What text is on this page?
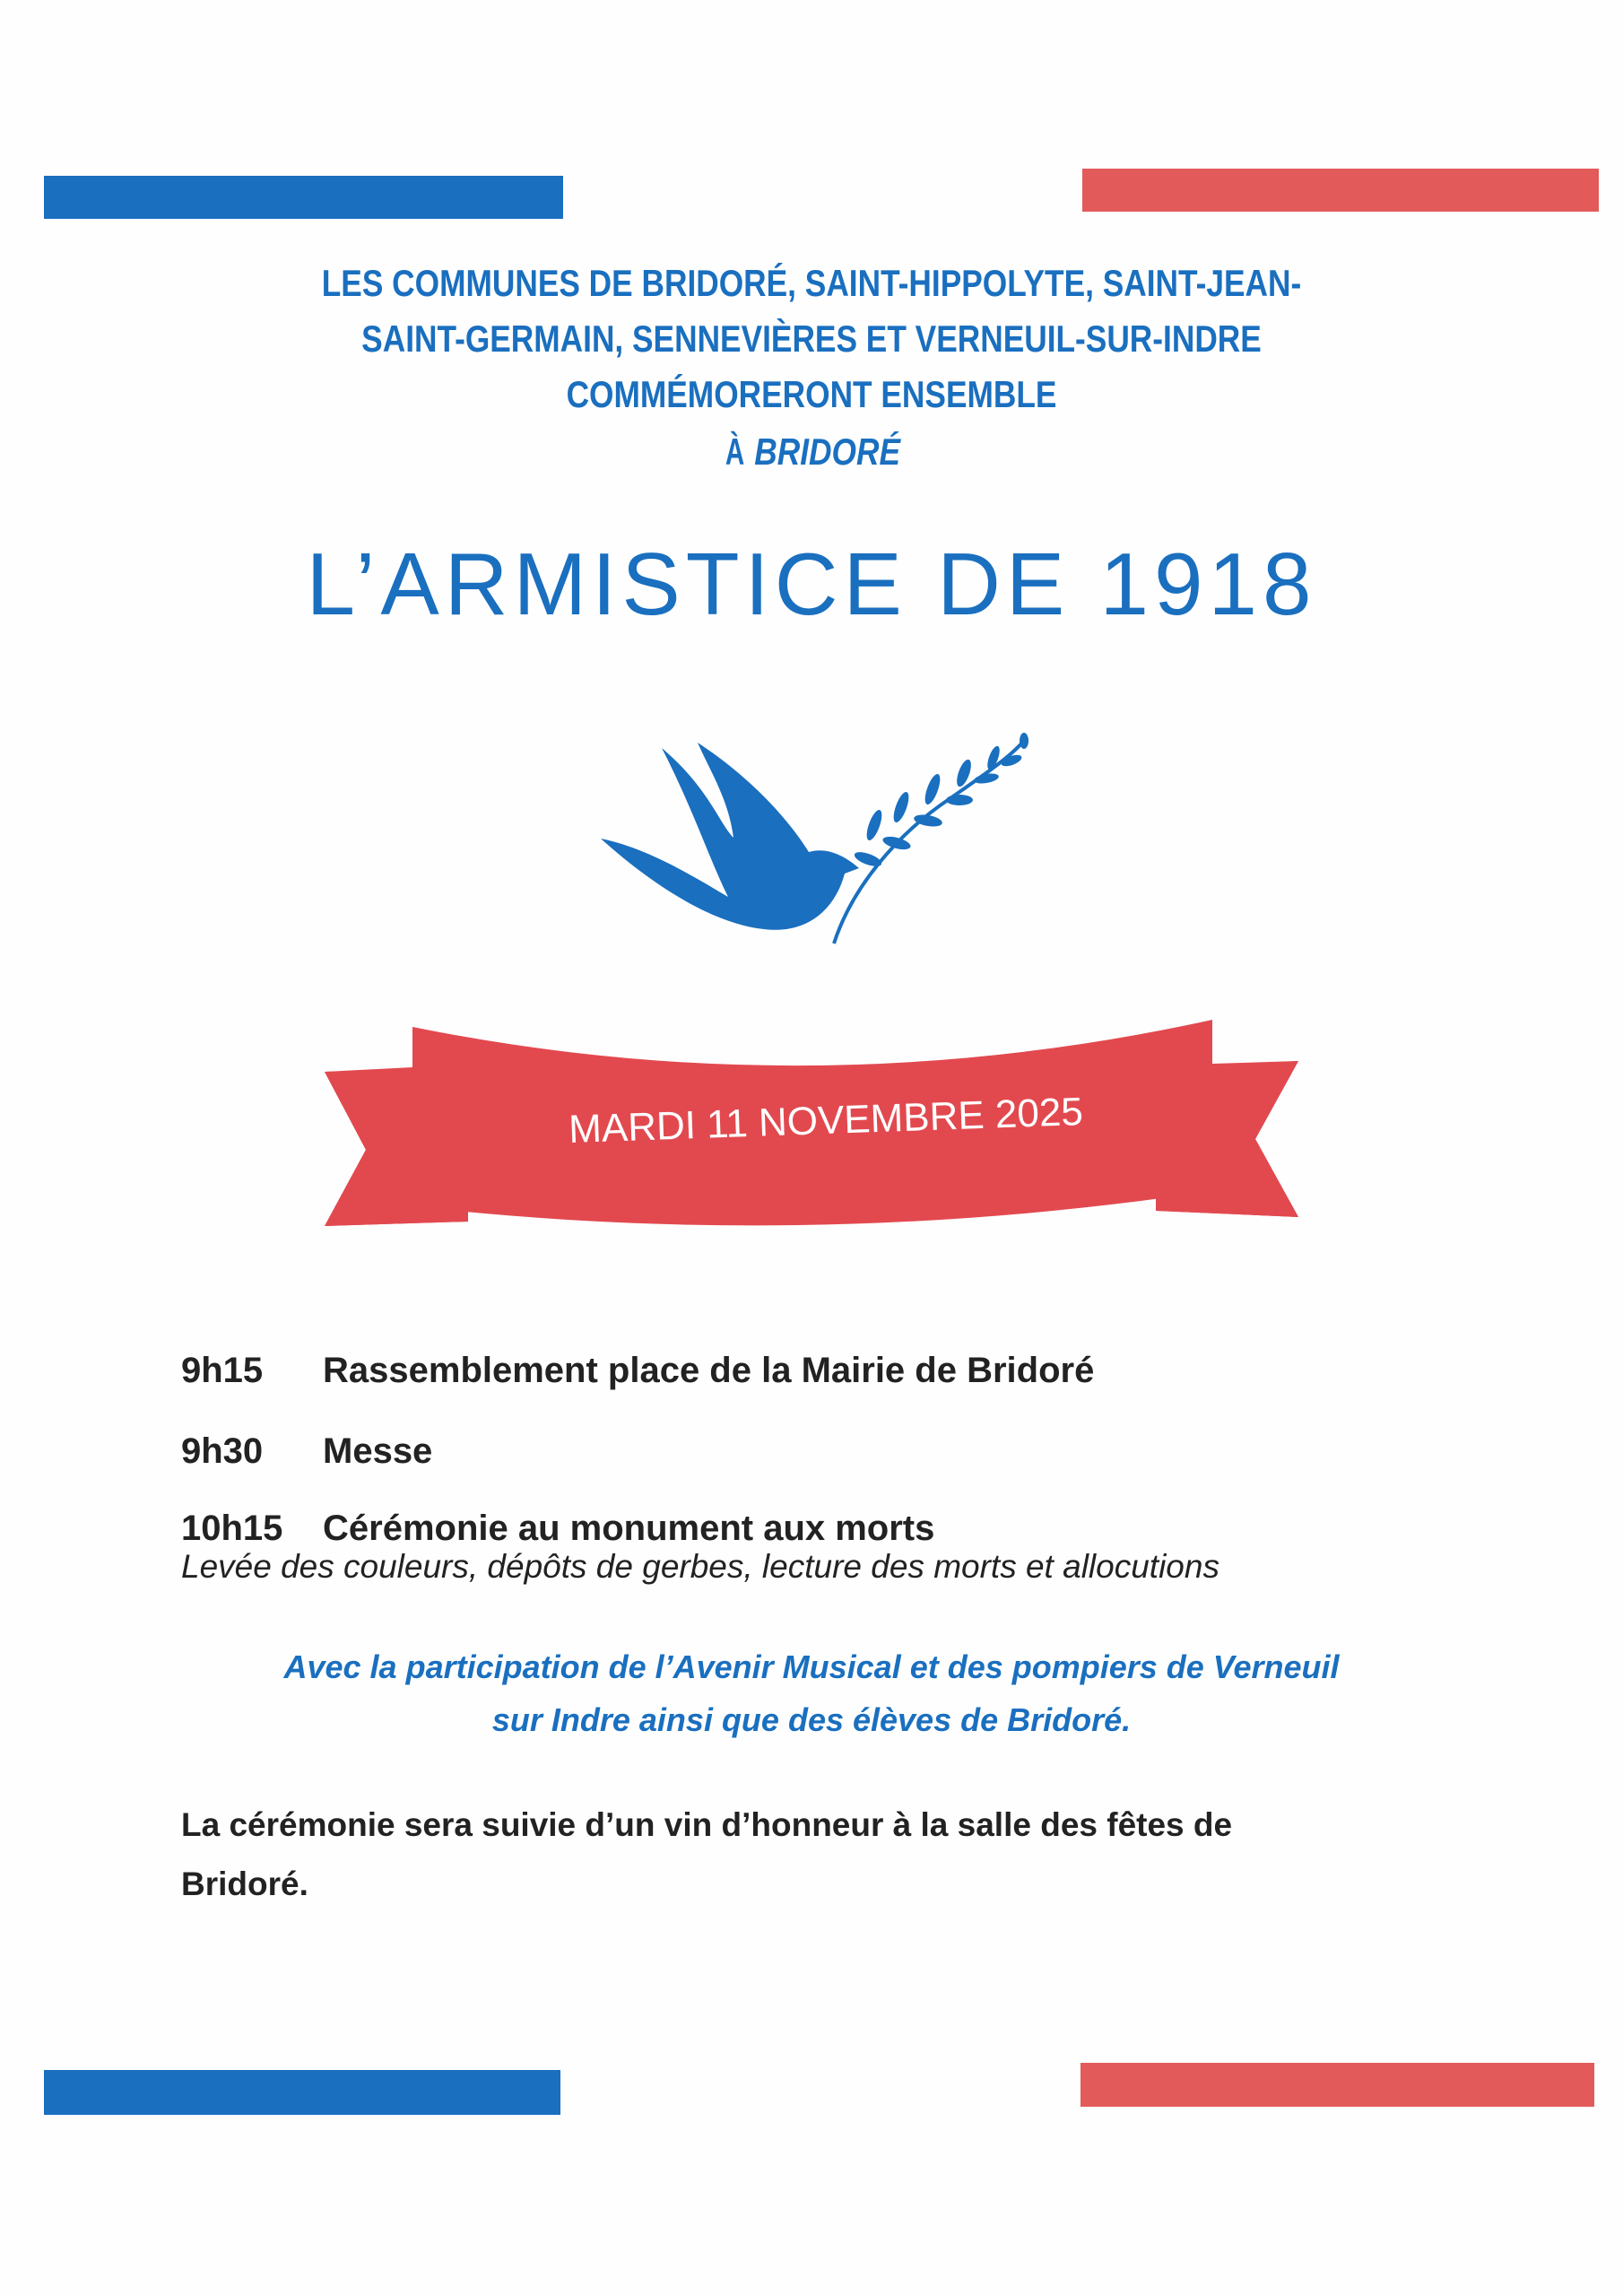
LES COMMUNES DE BRIDORÉ, SAINT-HIPPOLYTE, SAINT-JEAN-
SAINT-GERMAIN, SENNEVIÈRES ET VERNEUIL-SUR-INDRE
COMMÉMORERONT ENSEMBLE
À BRIDORÉ
L’ARMISTICE DE 1918
MARDI 11 NOVEMBRE 2025
9h15 Rassemblement place de la Mairie de Bridoré
9h30 Messe
10h15 Cérémonie au monument aux morts
Levée des couleurs, dépôts de gerbes, lecture des morts et allocutions
Avec la participation de l’Avenir Musical et des pompiers de Verneuil
sur Indre ainsi que des élèves de Bridoré.
La cérémonie sera suivie d’un vin d’honneur à la salle des fêtes de
Bridoré.
